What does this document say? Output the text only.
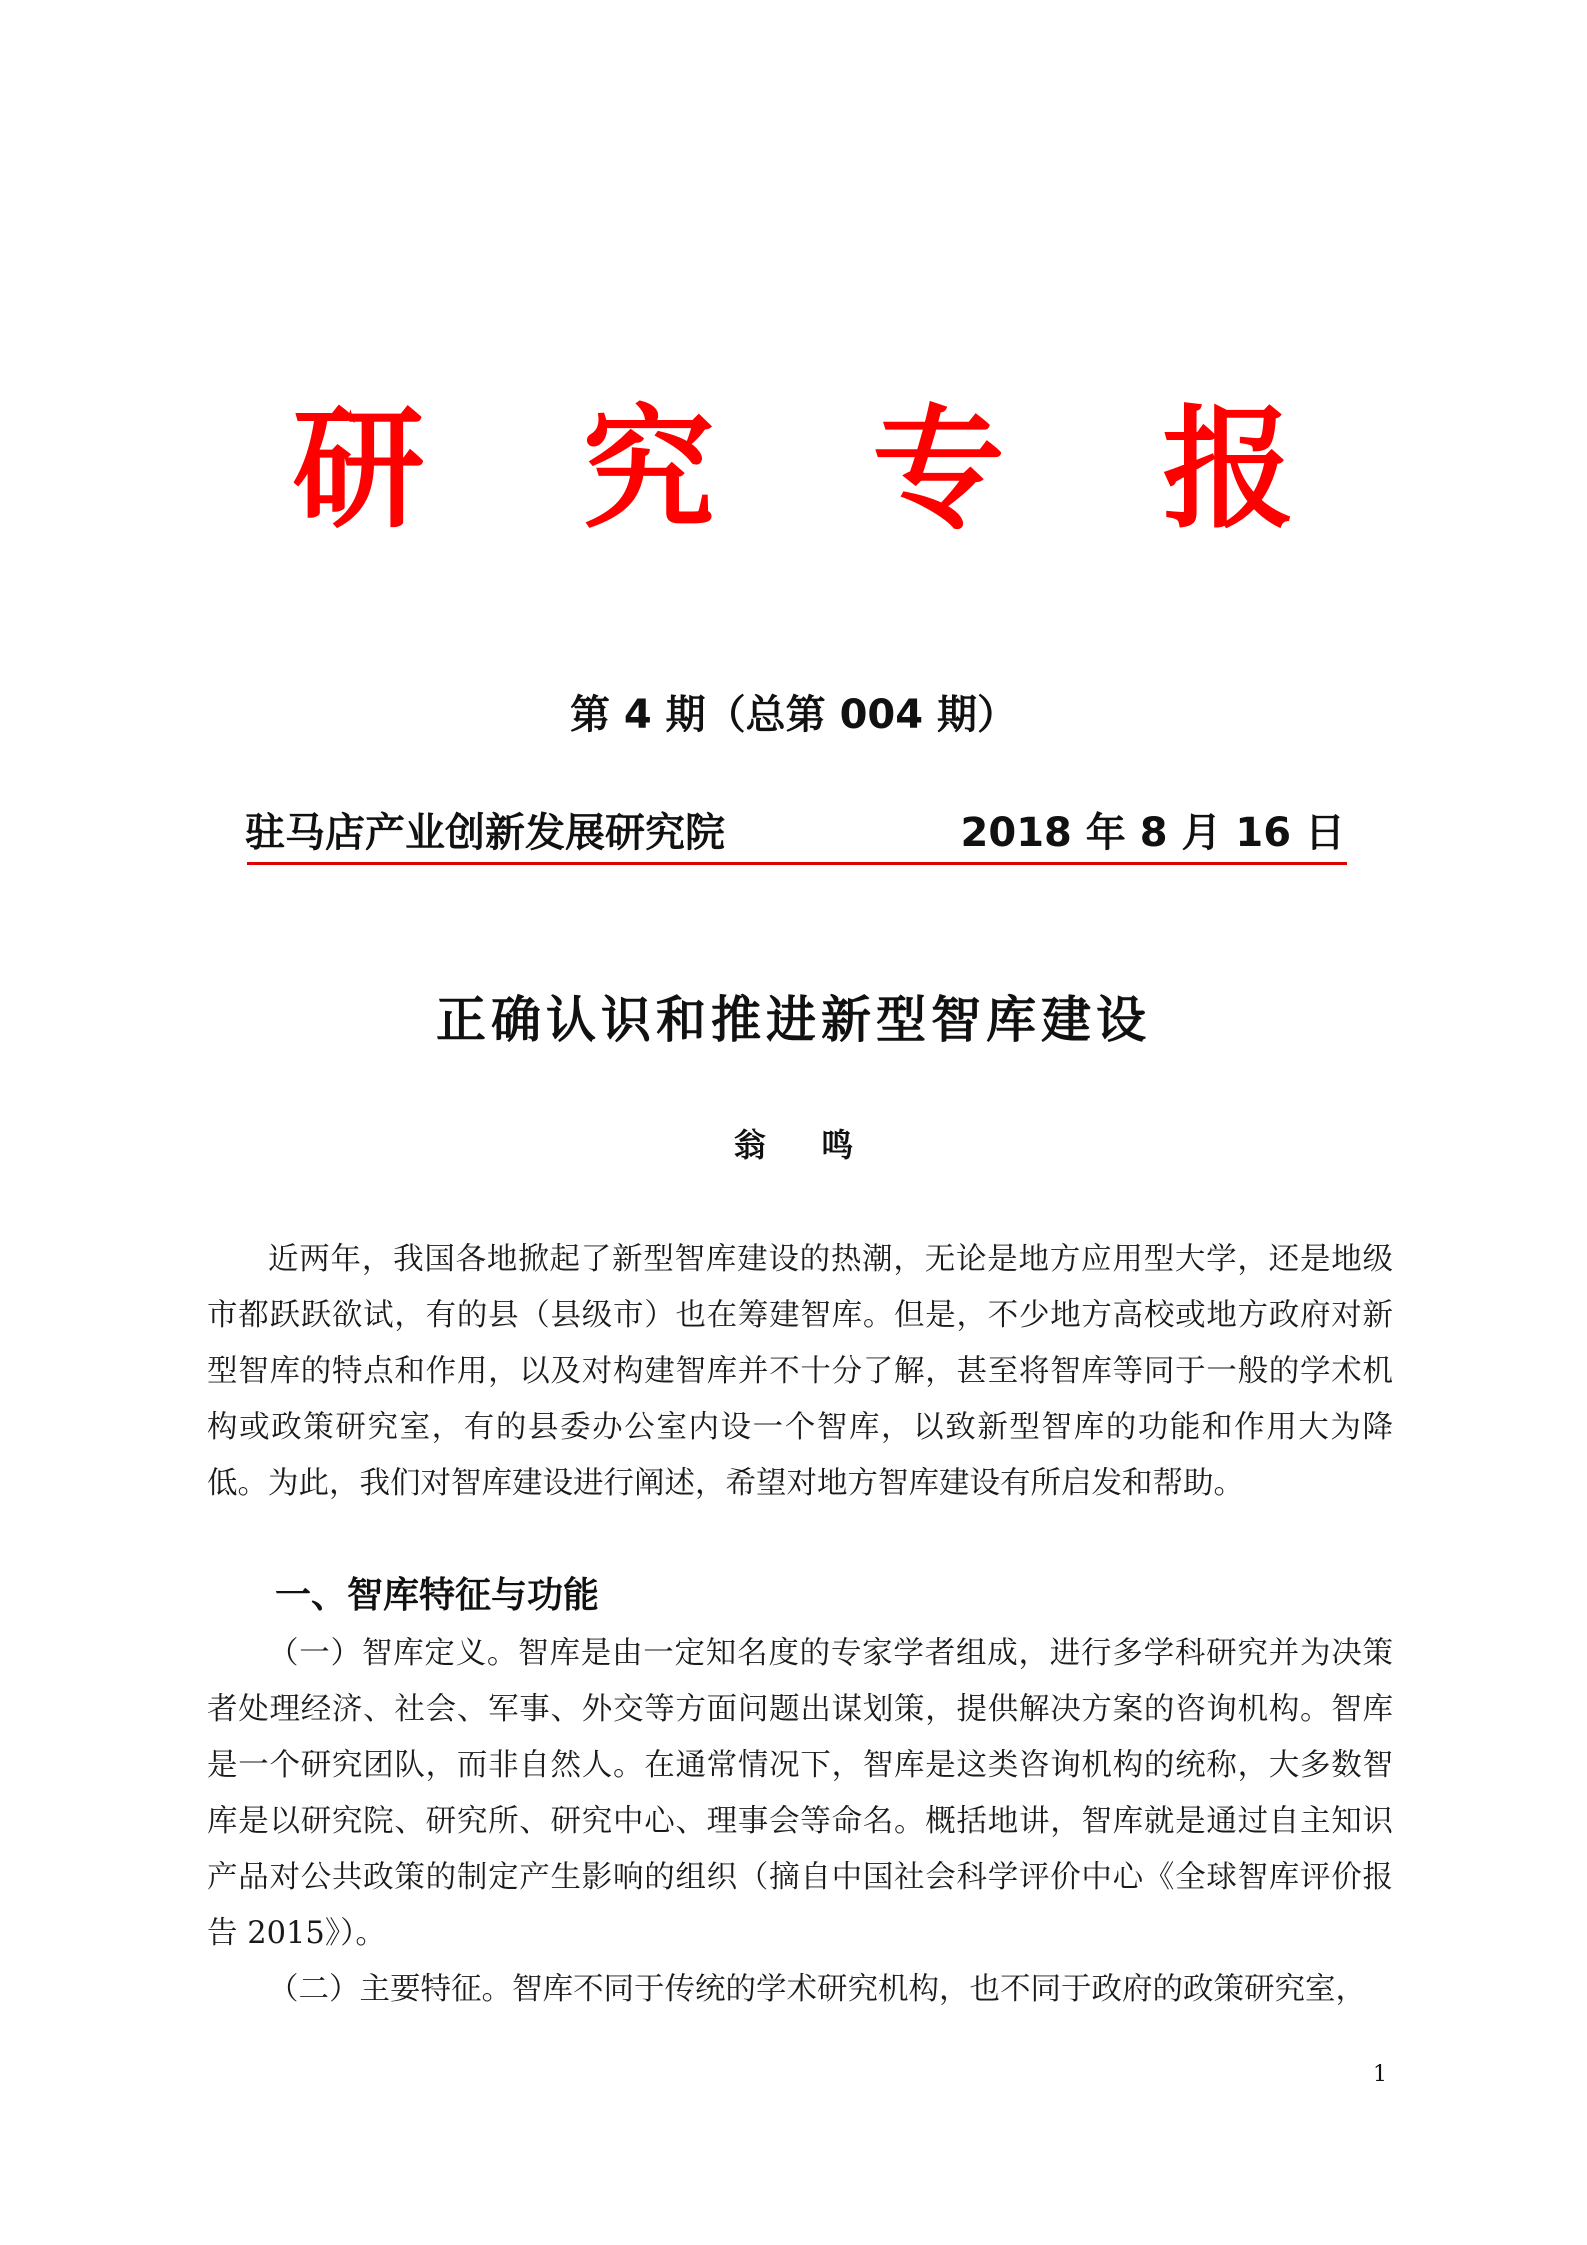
研 究 专 报
第 4 期（总第 004 期）
驻马店产业创新发展研究院	2018 年 8 月 16 日
正确认识和推进新型智库建设
翁 鸣

近两年，我国各地掀起了新型智库建设的热潮，无论是地方应用型大学，还是地级市都跃跃欲试，有的县（县级市）也在筹建智库。但是，不少地方高校或地方政府对新型智库的特点和作用，以及对构建智库并不十分了解，甚至将智库等同于一般的学术机构或政策研究室，有的县委办公室内设一个智库，以致新型智库的功能和作用大为降低。为此，我们对智库建设进行阐述，希望对地方智库建设有所启发和帮助。

一、智库特征与功能

（一）智库定义。智库是由一定知名度的专家学者组成，进行多学科研究并为决策者处理经济、社会、军事、外交等方面问题出谋划策，提供解决方案的咨询机构。智库是一个研究团队，而非自然人。在通常情况下，智库是这类咨询机构的统称，大多数智库是以研究院、研究所、研究中心、理事会等命名。概括地讲，智库就是通过自主知识产品对公共政策的制定产生影响的组织（摘自中国社会科学评价中心《全球智库评价报告 2015》）。

（二）主要特征。智库不同于传统的学术研究机构，也不同于政府的政策研究室，

1
